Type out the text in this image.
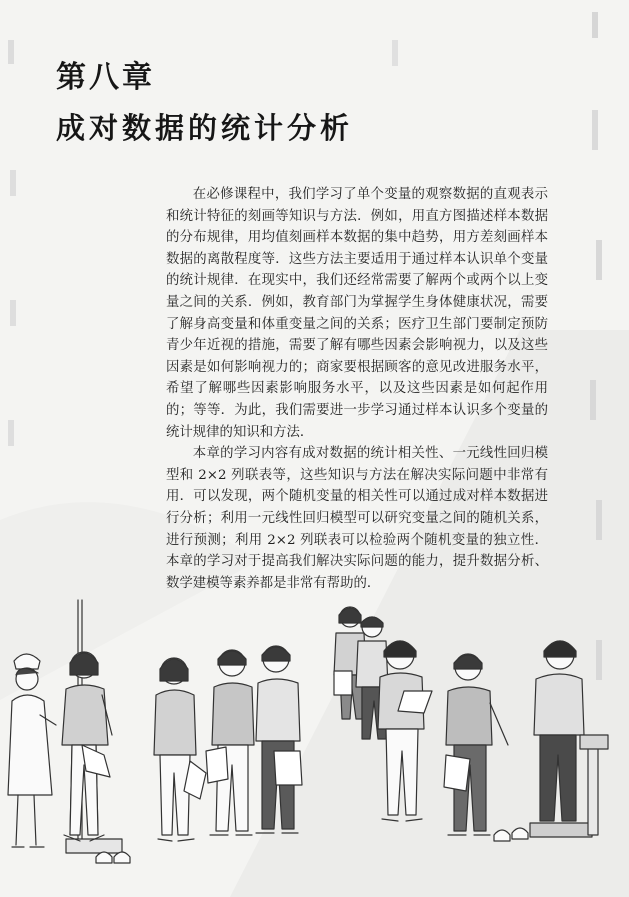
第八章
成对数据的统计分析

在必修课程中，我们学习了单个变量的观察数据的直观表示和统计特征的刻画等知识与方法．例如，用直方图描述样本数据的分布规律，用均值刻画样本数据的集中趋势，用方差刻画样本数据的离散程度等．这些方法主要适用于通过样本认识单个变量的统计规律．在现实中，我们还经常需要了解两个或两个以上变量之间的关系．例如，教育部门为掌握学生身体健康状况，需要了解身高变量和体重变量之间的关系；医疗卫生部门要制定预防青少年近视的措施，需要了解有哪些因素会影响视力，以及这些因素是如何影响视力的；商家要根据顾客的意见改进服务水平，希望了解哪些因素影响服务水平，以及这些因素是如何起作用的；等等．为此，我们需要进一步学习通过样本认识多个变量的统计规律的知识和方法．

本章的学习内容有成对数据的统计相关性、一元线性回归模型和 2×2 列联表等，这些知识与方法在解决实际问题中非常有用．可以发现，两个随机变量的相关性可以通过成对样本数据进行分析；利用一元线性回归模型可以研究变量之间的随机关系，进行预测；利用 2×2 列联表可以检验两个随机变量的独立性．本章的学习对于提高我们解决实际问题的能力，提升数据分析、数学建模等素养都是非常有帮助的．
